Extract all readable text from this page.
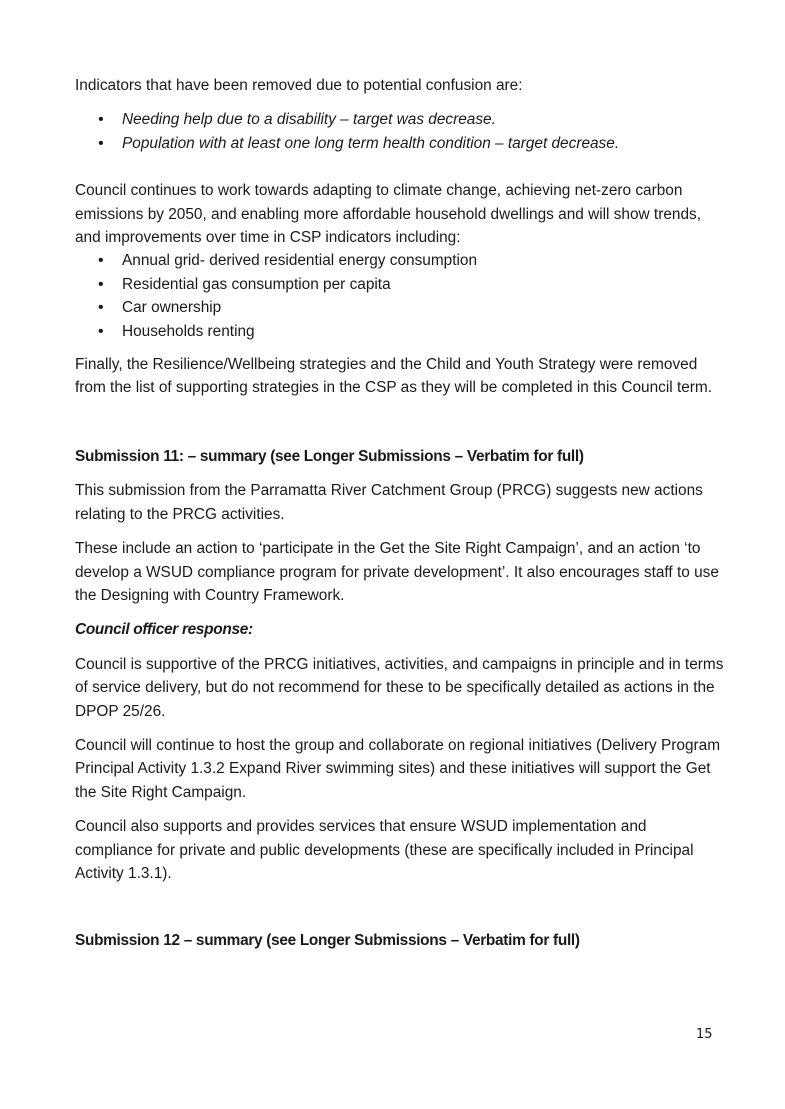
Indicators that have been removed due to potential confusion are:

• Needing help due to a disability – target was decrease.
• Population with at least one long term health condition – target decrease.

Council continues to work towards adapting to climate change, achieving net-zero carbon emissions by 2050, and enabling more affordable household dwellings and will show trends, and improvements over time in CSP indicators including:

• Annual grid- derived residential energy consumption
• Residential gas consumption per capita
• Car ownership
• Households renting

Finally, the Resilience/Wellbeing strategies and the Child and Youth Strategy were removed from the list of supporting strategies in the CSP as they will be completed in this Council term.

Submission 11: – summary (see Longer Submissions – Verbatim for full)

This submission from the Parramatta River Catchment Group (PRCG) suggests new actions relating to the PRCG activities.

These include an action to ‘participate in the Get the Site Right Campaign’, and an action ‘to develop a WSUD compliance program for private development’. It also encourages staff to use the Designing with Country Framework.

Council officer response:

Council is supportive of the PRCG initiatives, activities, and campaigns in principle and in terms of service delivery, but do not recommend for these to be specifically detailed as actions in the DPOP 25/26.

Council will continue to host the group and collaborate on regional initiatives (Delivery Program Principal Activity 1.3.2 Expand River swimming sites) and these initiatives will support the Get the Site Right Campaign.

Council also supports and provides services that ensure WSUD implementation and compliance for private and public developments (these are specifically included in Principal Activity 1.3.1).

Submission 12 – summary (see Longer Submissions – Verbatim for full)
15
